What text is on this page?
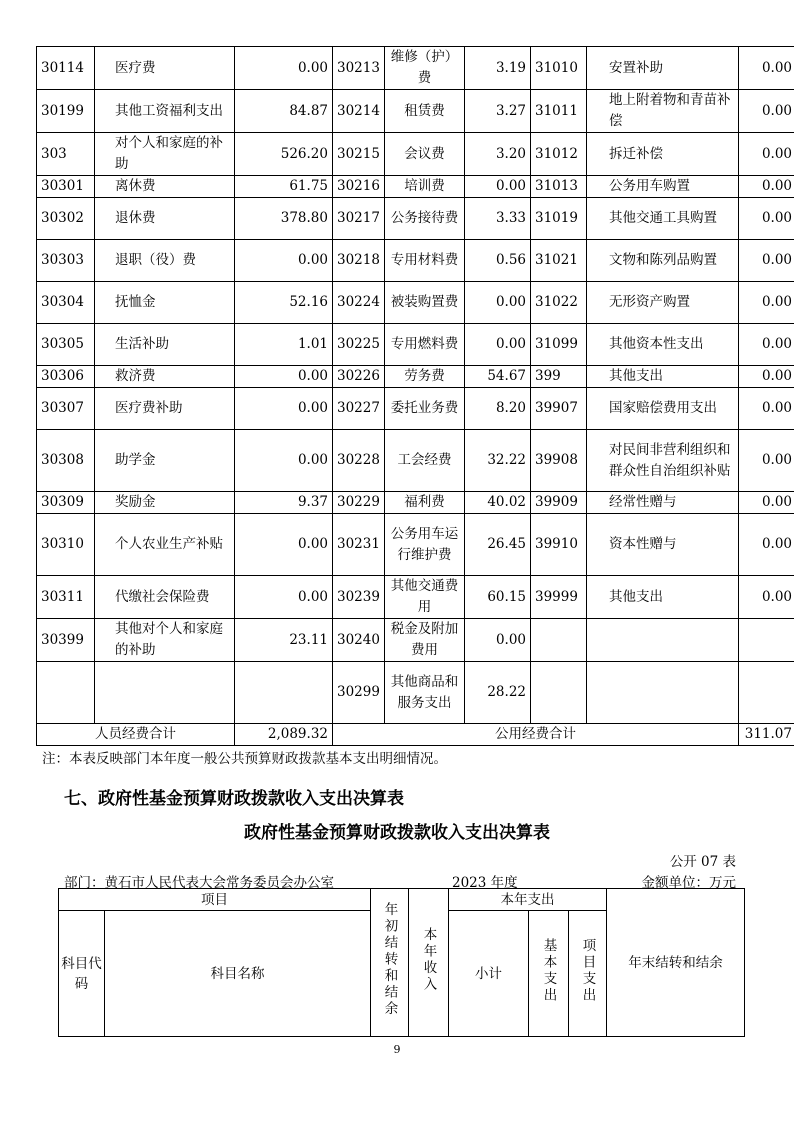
30114	医疗费	0.00	30213	维修（护）费	3.19	31010	安置补助	0.00
30199	其他工资福利支出	84.87	30214	租赁费	3.27	31011	地上附着物和青苗补偿	0.00
303	对个人和家庭的补助	526.20	30215	会议费	3.20	31012	拆迁补偿	0.00
30301	离休费	61.75	30216	培训费	0.00	31013	公务用车购置	0.00
30302	退休费	378.80	30217	公务接待费	3.33	31019	其他交通工具购置	0.00
30303	退职（役）费	0.00	30218	专用材料费	0.56	31021	文物和陈列品购置	0.00
30304	抚恤金	52.16	30224	被装购置费	0.00	31022	无形资产购置	0.00
30305	生活补助	1.01	30225	专用燃料费	0.00	31099	其他资本性支出	0.00
30306	救济费	0.00	30226	劳务费	54.67	399	其他支出	0.00
30307	医疗费补助	0.00	30227	委托业务费	8.20	39907	国家赔偿费用支出	0.00
30308	助学金	0.00	30228	工会经费	32.22	39908	对民间非营利组织和群众性自治组织补贴	0.00
30309	奖励金	9.37	30229	福利费	40.02	39909	经常性赠与	0.00
30310	个人农业生产补贴	0.00	30231	公务用车运行维护费	26.45	39910	资本性赠与	0.00
30311	代缴社会保险费	0.00	30239	其他交通费用	60.15	39999	其他支出	0.00
30399	其他对个人和家庭的补助	23.11	30240	税金及附加费用	0.00			
			30299	其他商品和服务支出	28.22			
人员经费合计		2,089.32	公用经费合计					311.07
注：本表反映部门本年度一般公共预算财政拨款基本支出明细情况。
七、政府性基金预算财政拨款收入支出决算表
政府性基金预算财政拨款收入支出决算表
公开 07 表
部门：黄石市人民代表大会常务委员会办公室	2023 年度	金额单位：万元
项目		年初结转和结余	本年收入	本年支出			年末结转和结余
科目代码	科目名称			小计	基本支出	项目支出	
9
